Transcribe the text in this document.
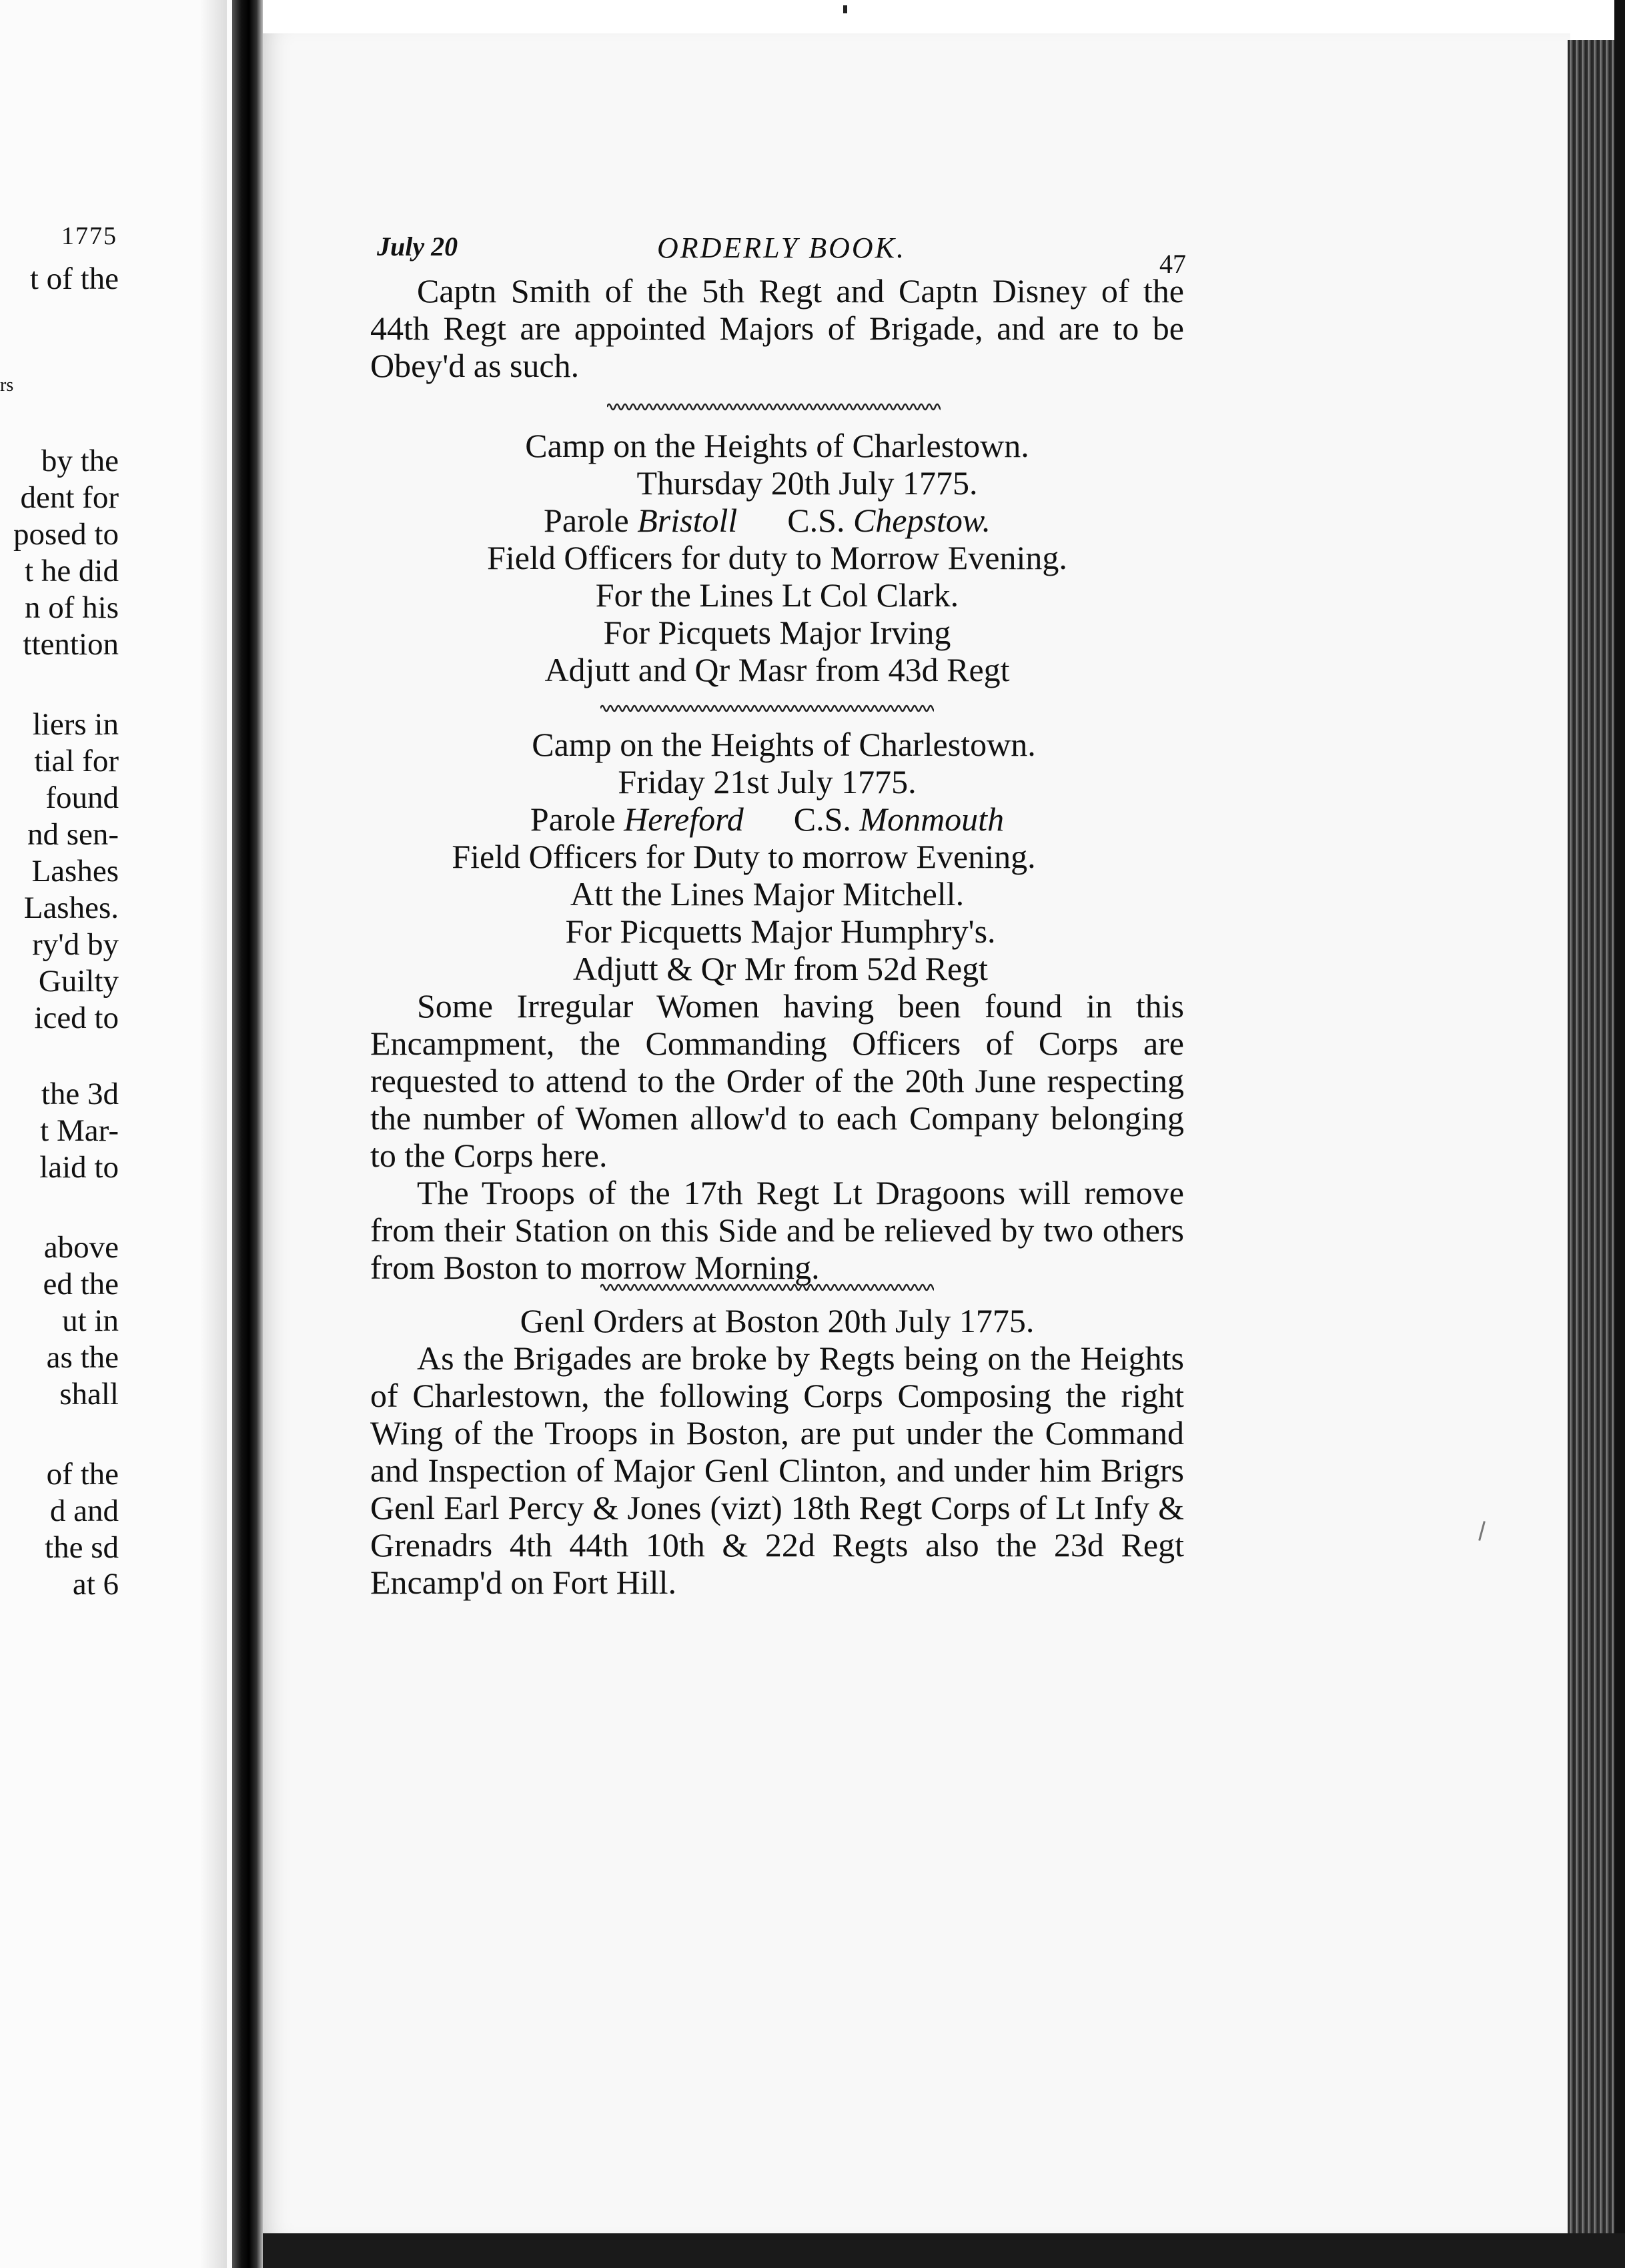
1775
t of the
rs
by the
dent for
posed to
t he did
n of his
ttention
liers in
tial for
found
nd sen-
Lashes
Lashes.
ry'd by
Guilty
iced to
the 3d
t Mar-
laid to
above
ed the
ut in
as the
shall
of the
d and
the sd
at 6
July 20	ORDERLY BOOK.	47
Captn Smith of the 5th Regt and Captn Disney of the 44th Regt are appointed Majors of Brigade, and are to be Obey'd as such.
Camp on the Heights of Charlestown.
Thursday 20th July 1775.
Parole Bristoll C.S. Chepstow.
Field Officers for duty to Morrow Evening.
For the Lines Lt Col Clark.
For Picquets Major Irving
Adjutt and Qr Masr from 43d Regt
Camp on the Heights of Charlestown.
Friday 21st July 1775.
Parole Hereford C.S. Monmouth
Field Officers for Duty to morrow Evening.
Att the Lines Major Mitchell.
For Picquetts Major Humphry's.
Adjutt & Qr Mr from 52d Regt
Some Irregular Women having been found in this Encampment, the Commanding Officers of Corps are requested to attend to the Order of the 20th June respecting the number of Women allow'd to each Company belonging to the Corps here.
The Troops of the 17th Regt Lt Dragoons will remove from their Station on this Side and be relieved by two others from Boston to morrow Morning.
Genl Orders at Boston 20th July 1775.
As the Brigades are broke by Regts being on the Heights of Charlestown, the following Corps Composing the right Wing of the Troops in Boston, are put under the Command and Inspection of Major Genl Clinton, and under him Brigrs Genl Earl Percy & Jones (vizt) 18th Regt Corps of Lt Infy & Grenadrs 4th 44th 10th & 22d Regts also the 23d Regt Encamp'd on Fort Hill.
